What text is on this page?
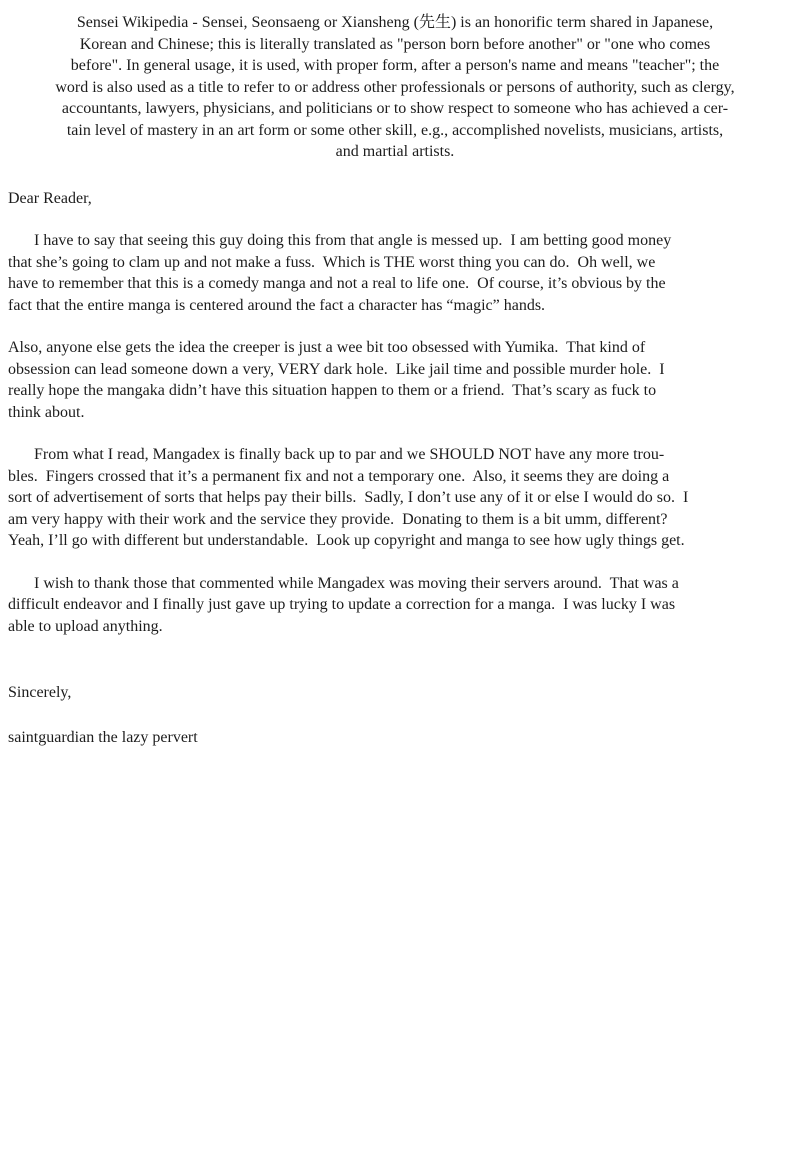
Sensei Wikipedia - Sensei, Seonsaeng or Xiansheng (先生) is an honorific term shared in Japanese,
Korean and Chinese; this is literally translated as "person born before another" or "one who comes
before". In general usage, it is used, with proper form, after a person's name and means "teacher"; the
word is also used as a title to refer to or address other professionals or persons of authority, such as clergy,
accountants, lawyers, physicians, and politicians or to show respect to someone who has achieved a cer-
tain level of mastery in an art form or some other skill, e.g., accomplished novelists, musicians, artists,
and martial artists.
Dear Reader,
I have to say that seeing this guy doing this from that angle is messed up.  I am betting good money
that she’s going to clam up and not make a fuss.  Which is THE worst thing you can do.  Oh well, we
have to remember that this is a comedy manga and not a real to life one.  Of course, it’s obvious by the
fact that the entire manga is centered around the fact a character has “magic” hands.
Also, anyone else gets the idea the creeper is just a wee bit too obsessed with Yumika.  That kind of
obsession can lead someone down a very, VERY dark hole.  Like jail time and possible murder hole.  I
really hope the mangaka didn’t have this situation happen to them or a friend.  That’s scary as fuck to
think about.
From what I read, Mangadex is finally back up to par and we SHOULD NOT have any more trou-
bles.  Fingers crossed that it’s a permanent fix and not a temporary one.  Also, it seems they are doing a
sort of advertisement of sorts that helps pay their bills.  Sadly, I don’t use any of it or else I would do so.  I
am very happy with their work and the service they provide.  Donating to them is a bit umm, different?
Yeah, I’ll go with different but understandable.  Look up copyright and manga to see how ugly things get.
I wish to thank those that commented while Mangadex was moving their servers around.  That was a
difficult endeavor and I finally just gave up trying to update a correction for a manga.  I was lucky I was
able to upload anything.
Sincerely,
saintguardian the lazy pervert
